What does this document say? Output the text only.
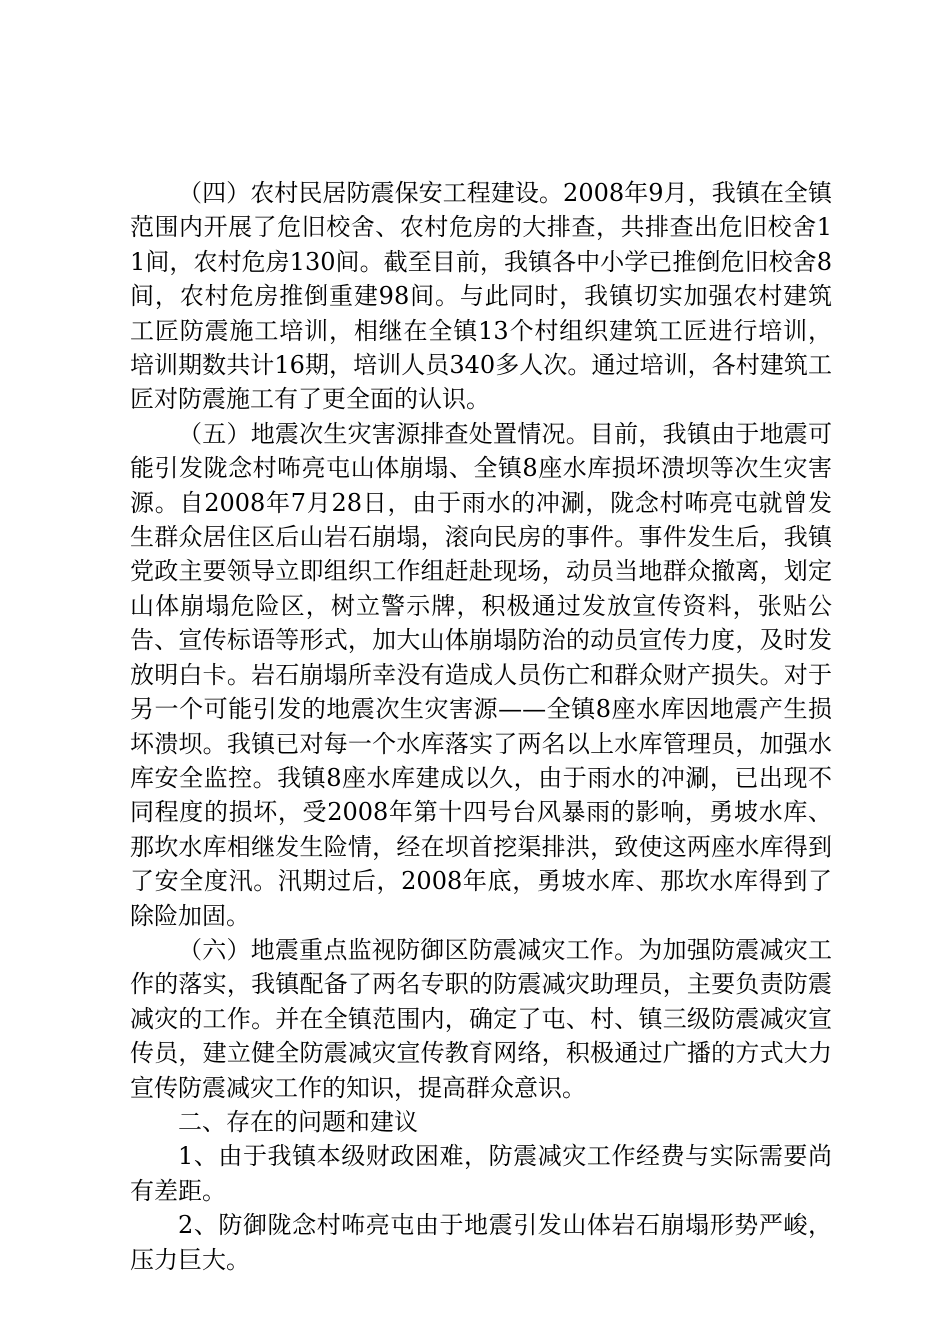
（四）农村民居防震保安工程建设。2008年9月，我镇在全镇范围内开展了危旧校舍、农村危房的大排查，共排查出危旧校舍11间，农村危房130间。截至目前，我镇各中小学已推倒危旧校舍8间，农村危房推倒重建98间。与此同时，我镇切实加强农村建筑工匠防震施工培训，相继在全镇13个村组织建筑工匠进行培训，培训期数共计16期，培训人员340多人次。通过培训，各村建筑工匠对防震施工有了更全面的认识。

（五）地震次生灾害源排查处置情况。目前，我镇由于地震可能引发陇念村咘亮屯山体崩塌、全镇8座水库损坏溃坝等次生灾害源。自2008年7月28日，由于雨水的冲涮，陇念村咘亮屯就曾发生群众居住区后山岩石崩塌，滚向民房的事件。事件发生后，我镇党政主要领导立即组织工作组赶赴现场，动员当地群众撤离，划定山体崩塌危险区，树立警示牌，积极通过发放宣传资料，张贴公告、宣传标语等形式，加大山体崩塌防治的动员宣传力度，及时发放明白卡。岩石崩塌所幸没有造成人员伤亡和群众财产损失。对于另一个可能引发的地震次生灾害源——全镇8座水库因地震产生损坏溃坝。我镇已对每一个水库落实了两名以上水库管理员，加强水库安全监控。我镇8座水库建成以久，由于雨水的冲涮，已出现不同程度的损坏，受2008年第十四号台风暴雨的影响，勇坡水库、那坎水库相继发生险情，经在坝首挖渠排洪，致使这两座水库得到了安全度汛。汛期过后，2008年底，勇坡水库、那坎水库得到了除险加固。

（六）地震重点监视防御区防震减灾工作。为加强防震减灾工作的落实，我镇配备了两名专职的防震减灾助理员，主要负责防震减灾的工作。并在全镇范围内，确定了屯、村、镇三级防震减灾宣传员，建立健全防震减灾宣传教育网络，积极通过广播的方式大力宣传防震减灾工作的知识，提高群众意识。

二、存在的问题和建议

1、由于我镇本级财政困难，防震减灾工作经费与实际需要尚有差距。

2、防御陇念村咘亮屯由于地震引发山体岩石崩塌形势严峻，压力巨大。
